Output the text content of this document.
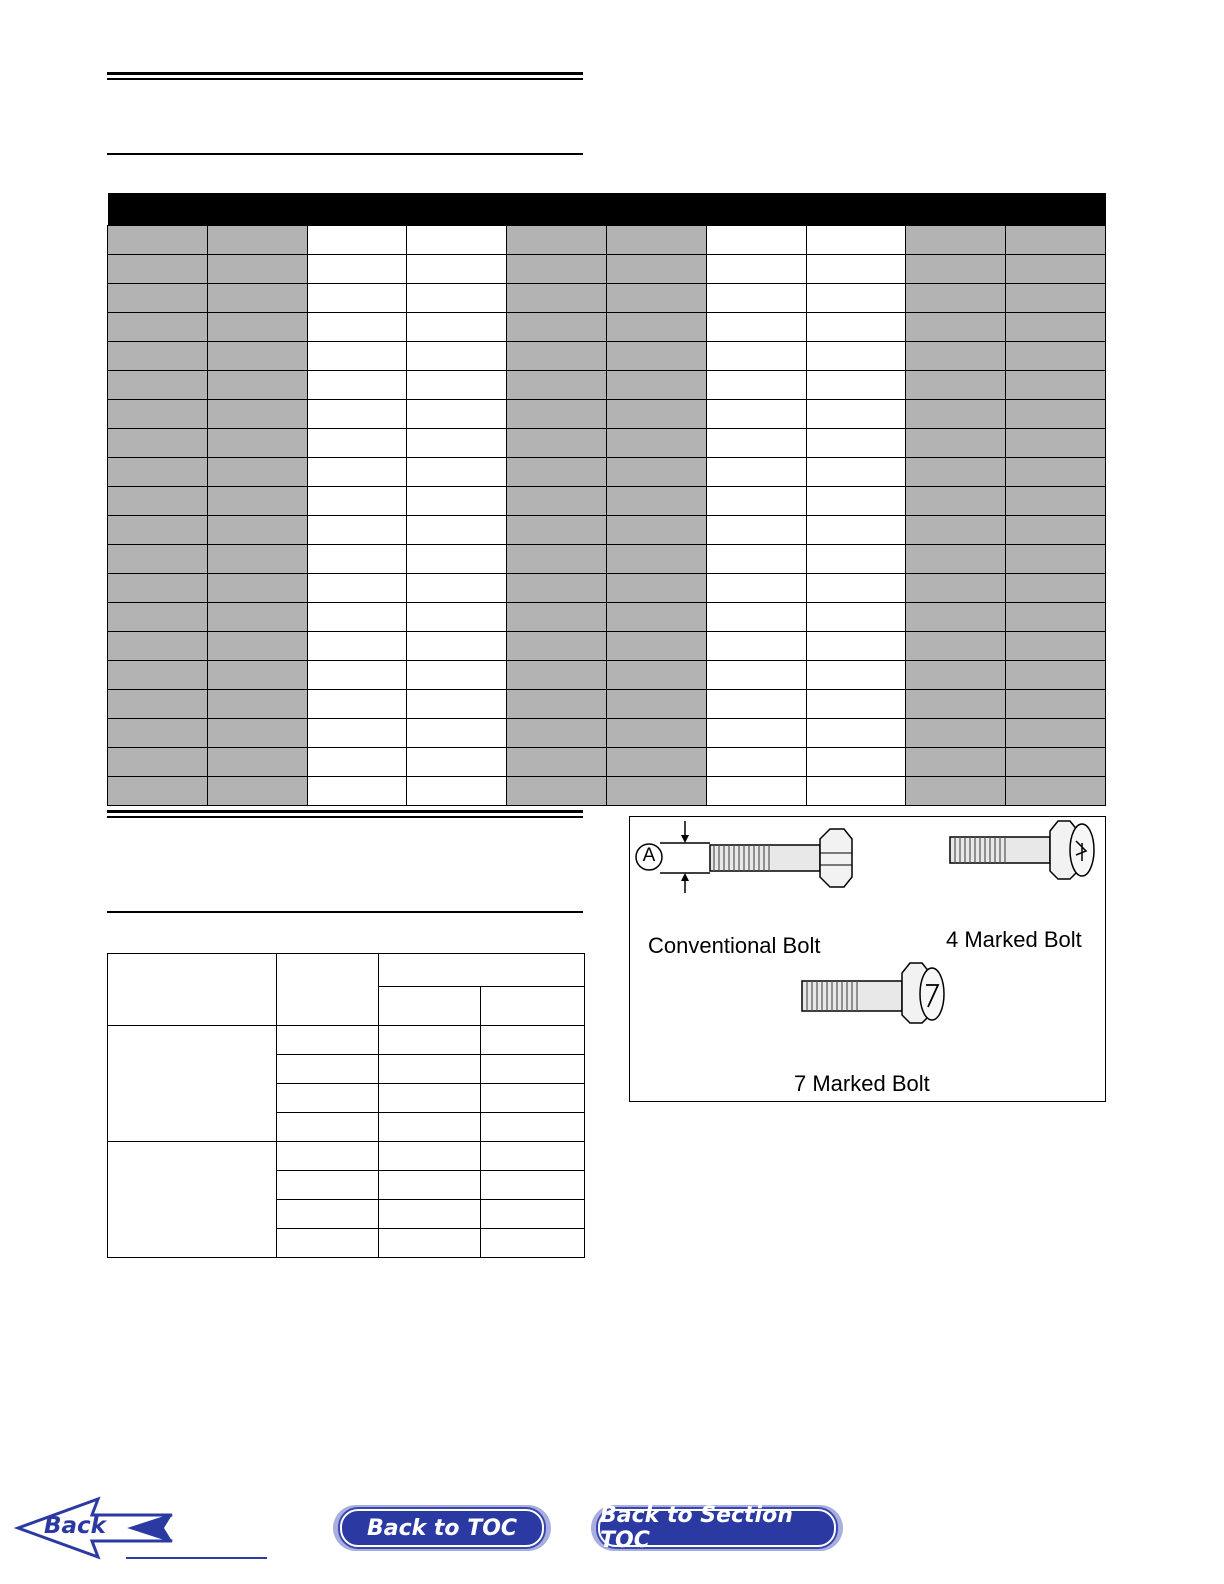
A
Conventional Bolt	4 Marked Bolt
7 Marked Bolt
Back	Back to TOC	Back to Section TOC
